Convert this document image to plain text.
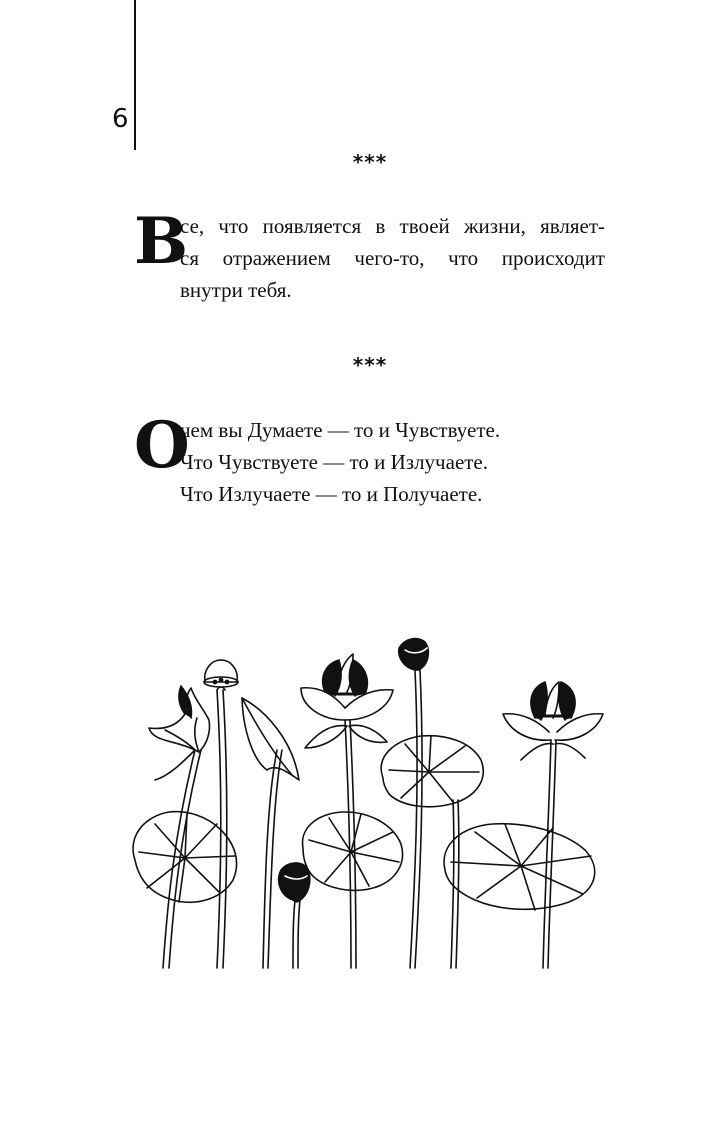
6
***
В
се, что появляется в твоей жизни, являет-
ся отражением чего-то, что происходит
внутри тебя.
***
О
чем вы Думаете — то и Чувствуете.
Что Чувствуете — то и Излучаете.
Что Излучаете — то и Получаете.
